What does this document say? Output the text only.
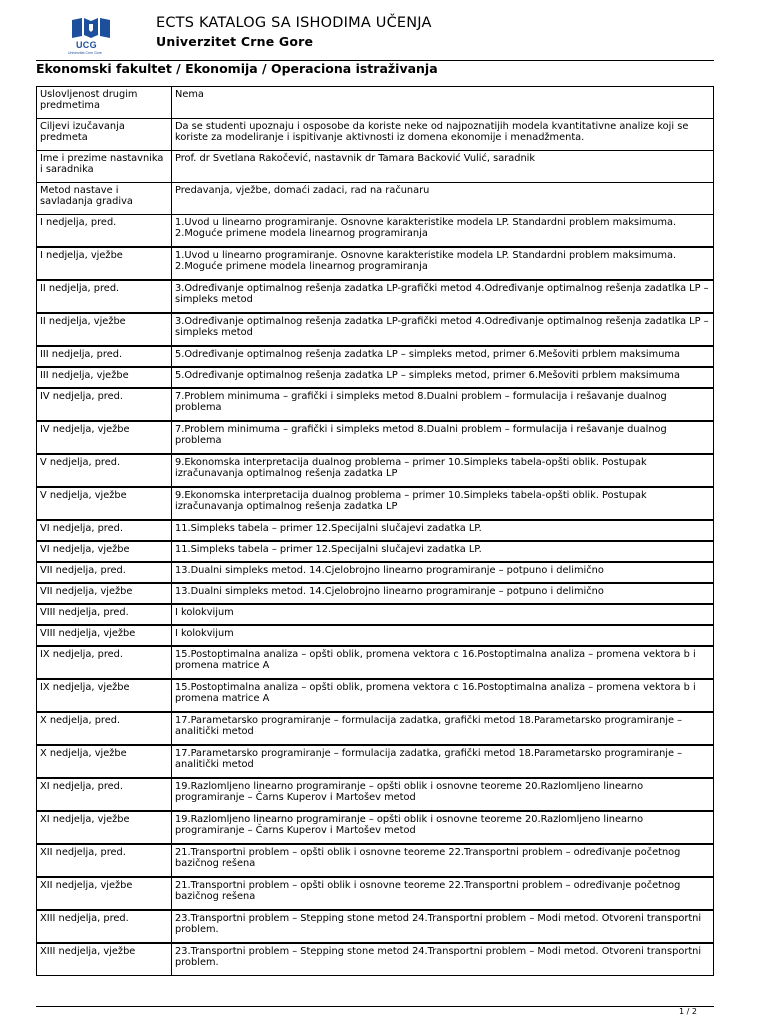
UCG
Univerzitet Crne Gore
ECTS KATALOG SA ISHODIMA UČENJA
Univerzitet Crne Gore
Ekonomski fakultet / Ekonomija / Operaciona istraživanja
Uslovljenost drugim predmetima	Nema
Ciljevi izučavanja predmeta	Da se studenti upoznaju i osposobe da koriste neke od najpoznatijih modela kvantitativne analize koji se koriste za modeliranje i ispitivanje aktivnosti iz domena ekonomije i menadžmenta.
Ime i prezime nastavnika i saradnika	Prof. dr Svetlana Rakočević, nastavnik dr Tamara Backović Vulić, saradnik
Metod nastave i savladanja gradiva	Predavanja, vježbe, domaći zadaci, rad na računaru
I nedjelja, pred.	1.Uvod u linearno programiranje. Osnovne karakteristike modela LP. Standardni problem maksimuma. 2.Moguće primene modela linearnog programiranja
I nedjelja, vježbe	1.Uvod u linearno programiranje. Osnovne karakteristike modela LP. Standardni problem maksimuma. 2.Moguće primene modela linearnog programiranja
II nedjelja, pred.	3.Određivanje optimalnog rešenja zadatka LP-grafički metod 4.Određivanje optimalnog rešenja zadatlka LP – simpleks metod
II nedjelja, vježbe	3.Određivanje optimalnog rešenja zadatka LP-grafički metod 4.Određivanje optimalnog rešenja zadatlka LP – simpleks metod
III nedjelja, pred.	5.Određivanje optimalnog rešenja zadatka LP – simpleks metod, primer 6.Mešoviti prblem maksimuma
III nedjelja, vježbe	5.Određivanje optimalnog rešenja zadatka LP – simpleks metod, primer 6.Mešoviti prblem maksimuma
IV nedjelja, pred.	7.Problem minimuma – grafički i simpleks metod 8.Dualni problem – formulacija i rešavanje dualnog problema
IV nedjelja, vježbe	7.Problem minimuma – grafički i simpleks metod 8.Dualni problem – formulacija i rešavanje dualnog problema
V nedjelja, pred.	9.Ekonomska interpretacija dualnog problema – primer 10.Simpleks tabela-opšti oblik. Postupak izračunavanja optimalnog rešenja zadatka LP
V nedjelja, vježbe	9.Ekonomska interpretacija dualnog problema – primer 10.Simpleks tabela-opšti oblik. Postupak izračunavanja optimalnog rešenja zadatka LP
VI nedjelja, pred.	11.Simpleks tabela – primer 12.Specijalni slučajevi zadatka LP.
VI nedjelja, vježbe	11.Simpleks tabela – primer 12.Specijalni slučajevi zadatka LP.
VII nedjelja, pred.	13.Dualni simpleks metod. 14.Cjelobrojno linearno programiranje – potpuno i delimično
VII nedjelja, vježbe	13.Dualni simpleks metod. 14.Cjelobrojno linearno programiranje – potpuno i delimično
VIII nedjelja, pred.	I kolokvijum
VIII nedjelja, vježbe	I kolokvijum
IX nedjelja, pred.	15.Postoptimalna analiza – opšti oblik, promena vektora c 16.Postoptimalna analiza – promena vektora b i promena matrice A
IX nedjelja, vježbe	15.Postoptimalna analiza – opšti oblik, promena vektora c 16.Postoptimalna analiza – promena vektora b i promena matrice A
X nedjelja, pred.	17.Parametarsko programiranje – formulacija zadatka, grafički metod 18.Parametarsko programiranje – analitički metod
X nedjelja, vježbe	17.Parametarsko programiranje – formulacija zadatka, grafički metod 18.Parametarsko programiranje – analitički metod
XI nedjelja, pred.	19.Razlomljeno linearno programiranje – opšti oblik i osnovne teoreme 20.Razlomljeno linearno programiranje – Čarns Kuperov i Martošev metod
XI nedjelja, vježbe	19.Razlomljeno linearno programiranje – opšti oblik i osnovne teoreme 20.Razlomljeno linearno programiranje – Čarns Kuperov i Martošev metod
XII nedjelja, pred.	21.Transportni problem – opšti oblik i osnovne teoreme 22.Transportni problem – određivanje početnog bazičnog rešena
XII nedjelja, vježbe	21.Transportni problem – opšti oblik i osnovne teoreme 22.Transportni problem – određivanje početnog bazičnog rešena
XIII nedjelja, pred.	23.Transportni problem – Stepping stone metod 24.Transportni problem – Modi metod. Otvoreni transportni problem.
XIII nedjelja, vježbe	23.Transportni problem – Stepping stone metod 24.Transportni problem – Modi metod. Otvoreni transportni problem.
1 / 2
